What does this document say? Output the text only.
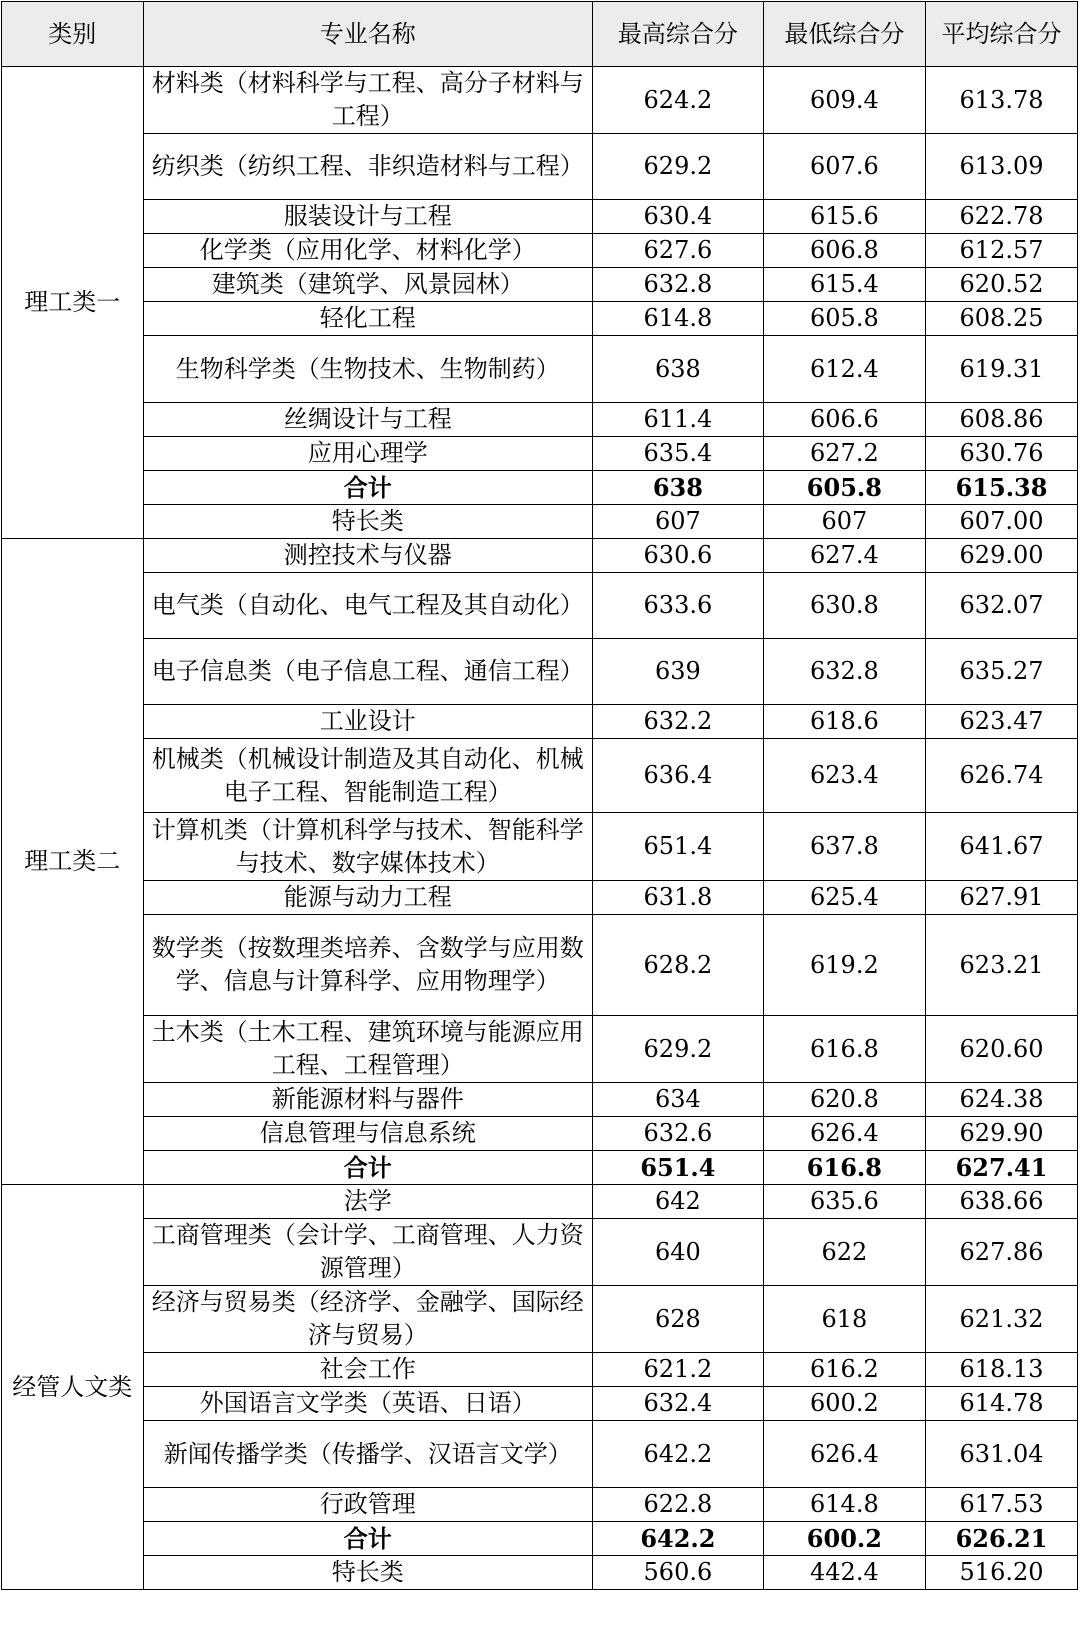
类别	专业名称	最高综合分	最低综合分	平均综合分
理工类一	材料类（材料科学与工程、高分子材料与工程）	624.2	609.4	613.78
	纺织类（纺织工程、非织造材料与工程）	629.2	607.6	613.09
	服装设计与工程	630.4	615.6	622.78
	化学类（应用化学、材料化学）	627.6	606.8	612.57
	建筑类（建筑学、风景园林）	632.8	615.4	620.52
	轻化工程	614.8	605.8	608.25
	生物科学类（生物技术、生物制药）	638	612.4	619.31
	丝绸设计与工程	611.4	606.6	608.86
	应用心理学	635.4	627.2	630.76
	合计	638	605.8	615.38
	特长类	607	607	607.00
理工类二	测控技术与仪器	630.6	627.4	629.00
	电气类（自动化、电气工程及其自动化）	633.6	630.8	632.07
	电子信息类（电子信息工程、通信工程）	639	632.8	635.27
	工业设计	632.2	618.6	623.47
	机械类（机械设计制造及其自动化、机械电子工程、智能制造工程）	636.4	623.4	626.74
	计算机类（计算机科学与技术、智能科学与技术、数字媒体技术）	651.4	637.8	641.67
	能源与动力工程	631.8	625.4	627.91
	数学类（按数理类培养、含数学与应用数学、信息与计算科学、应用物理学）	628.2	619.2	623.21
	土木类（土木工程、建筑环境与能源应用工程、工程管理）	629.2	616.8	620.60
	新能源材料与器件	634	620.8	624.38
	信息管理与信息系统	632.6	626.4	629.90
	合计	651.4	616.8	627.41
经管人文类	法学	642	635.6	638.66
	工商管理类（会计学、工商管理、人力资源管理）	640	622	627.86
	经济与贸易类（经济学、金融学、国际经济与贸易）	628	618	621.32
	社会工作	621.2	616.2	618.13
	外国语言文学类（英语、日语）	632.4	600.2	614.78
	新闻传播学类（传播学、汉语言文学）	642.2	626.4	631.04
	行政管理	622.8	614.8	617.53
	合计	642.2	600.2	626.21
	特长类	560.6	442.4	516.20
